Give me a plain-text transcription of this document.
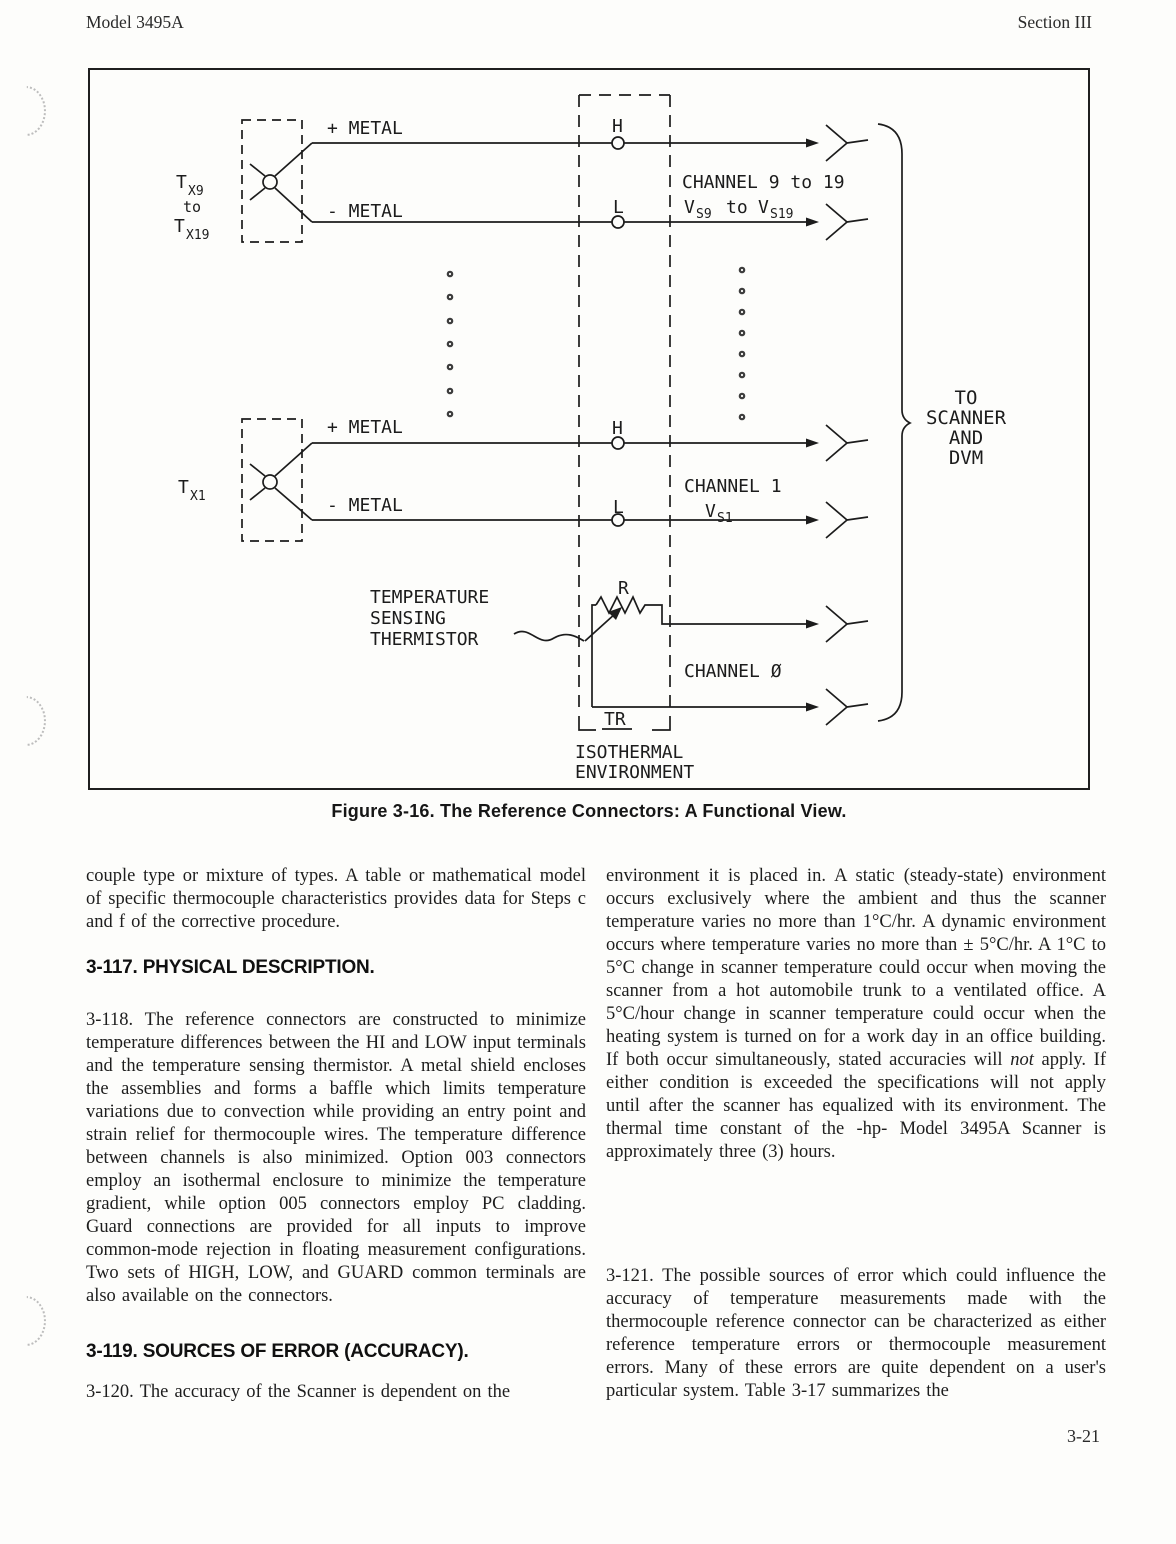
Model 3495A	Section III
T X9
to
T X19
T X1
+ METAL
- METAL
+ METAL
- METAL
H
L
H
L
CHANNEL 9 to 19
V S9 to V S19
CHANNEL 1
V S1
CHANNEL Ø
R
TR
TEMPERATURE
SENSING
THERMISTOR
ISOTHERMAL
ENVIRONMENT
TO
SCANNER
AND
DVM
Figure 3-16. The Reference Connectors: A Functional View.

couple type or mixture of types. A table or mathematical model of specific thermocouple characteristics provides data for Steps c and f of the corrective procedure.

3-117. PHYSICAL DESCRIPTION.

3-118. The reference connectors are constructed to minimize temperature differences between the HI and LOW input terminals and the temperature sensing thermistor. A metal shield encloses the assemblies and forms a baffle which limits temperature variations due to convection while providing an entry point and strain relief for thermocouple wires. The temperature difference between channels is also minimized. Option 003 connectors employ an isothermal enclosure to minimize the temperature gradient, while option 005 connectors employ PC cladding. Guard connections are provided for all inputs to improve common-mode rejection in floating measurement configurations. Two sets of HIGH, LOW, and GUARD common terminals are also available on the connectors.

3-119. SOURCES OF ERROR (ACCURACY).

3-120. The accuracy of the Scanner is dependent on the

environment it is placed in. A static (steady-state) environment occurs exclusively where the ambient and thus the scanner temperature varies no more than 1°C/hr. A dynamic environment occurs where temperature varies no more than ± 5°C/hr. A 1°C to 5°C change in scanner temperature could occur when moving the scanner from a hot automobile trunk to a ventilated office. A 5°C/hour change in scanner temperature could occur when the heating system is turned on for a work day in an office building. If both occur simultaneously, stated accuracies will not apply. If either condition is exceeded the specifications will not apply until after the scanner has equalized with its environment. The thermal time constant of the -hp- Model 3495A Scanner is approximately three (3) hours.

3-121. The possible sources of error which could influence the accuracy of temperature measurements made with the thermocouple reference connector can be characterized as either reference temperature errors or thermocouple measurement errors. Many of these errors are quite dependent on a user's particular system. Table 3-17 summarizes the

3-21
